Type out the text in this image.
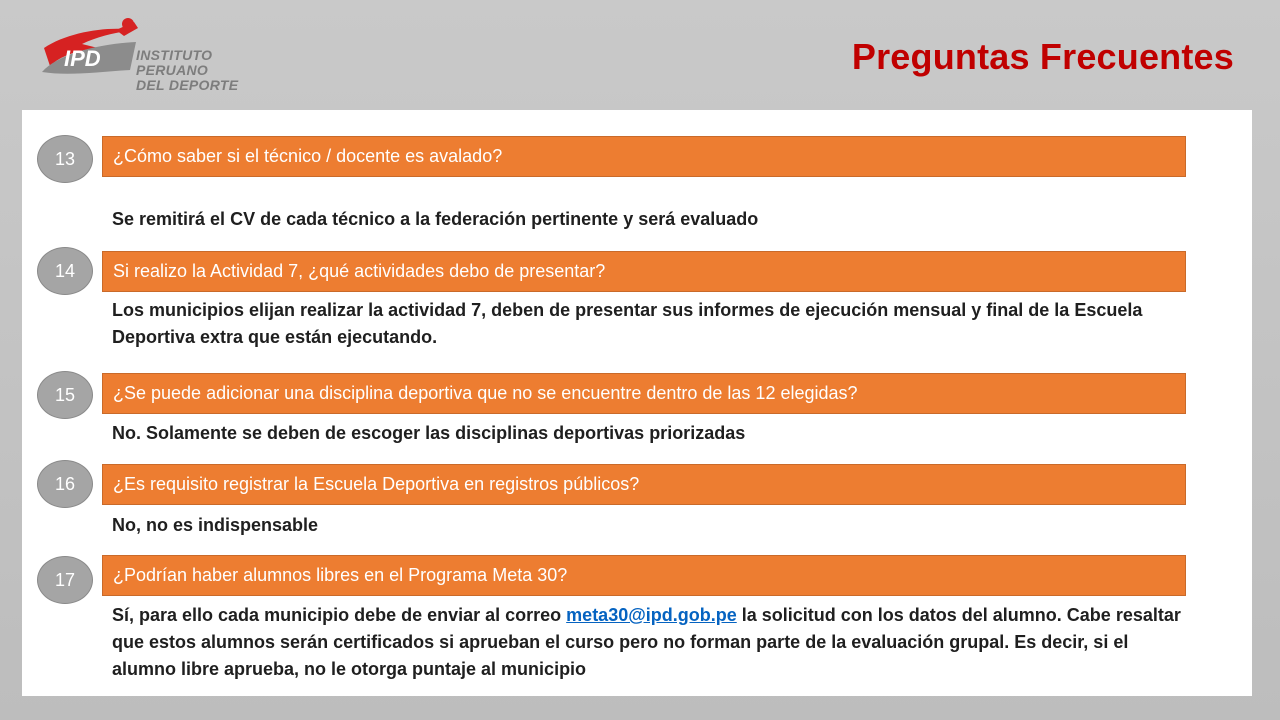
IPD	INSTITUTO
PERUANO
DEL DEPORTE
Preguntas Frecuentes
¿Cómo saber si el técnico / docente es avalado?
13
Se remitirá el CV de cada técnico a la federación pertinente y será evaluado
Si realizo la Actividad 7, ¿qué actividades debo de presentar?
14
Los municipios elijan realizar la actividad 7, deben de presentar sus informes de ejecución mensual y final de la Escuela Deportiva extra que están ejecutando.
¿Se puede adicionar una disciplina deportiva que no se encuentre dentro de las 12 elegidas?
15
No. Solamente se deben de escoger las disciplinas deportivas priorizadas
¿Es requisito registrar la Escuela Deportiva en registros públicos?
16
No, no es indispensable
¿Podrían haber alumnos libres en el Programa Meta 30?
17
Sí, para ello cada municipio debe de enviar al correo meta30@ipd.gob.pe la solicitud con los datos del alumno. Cabe resaltar que estos alumnos serán certificados si aprueban el curso pero no forman parte de la evaluación grupal. Es decir, si el alumno libre aprueba, no le otorga puntaje al municipio
